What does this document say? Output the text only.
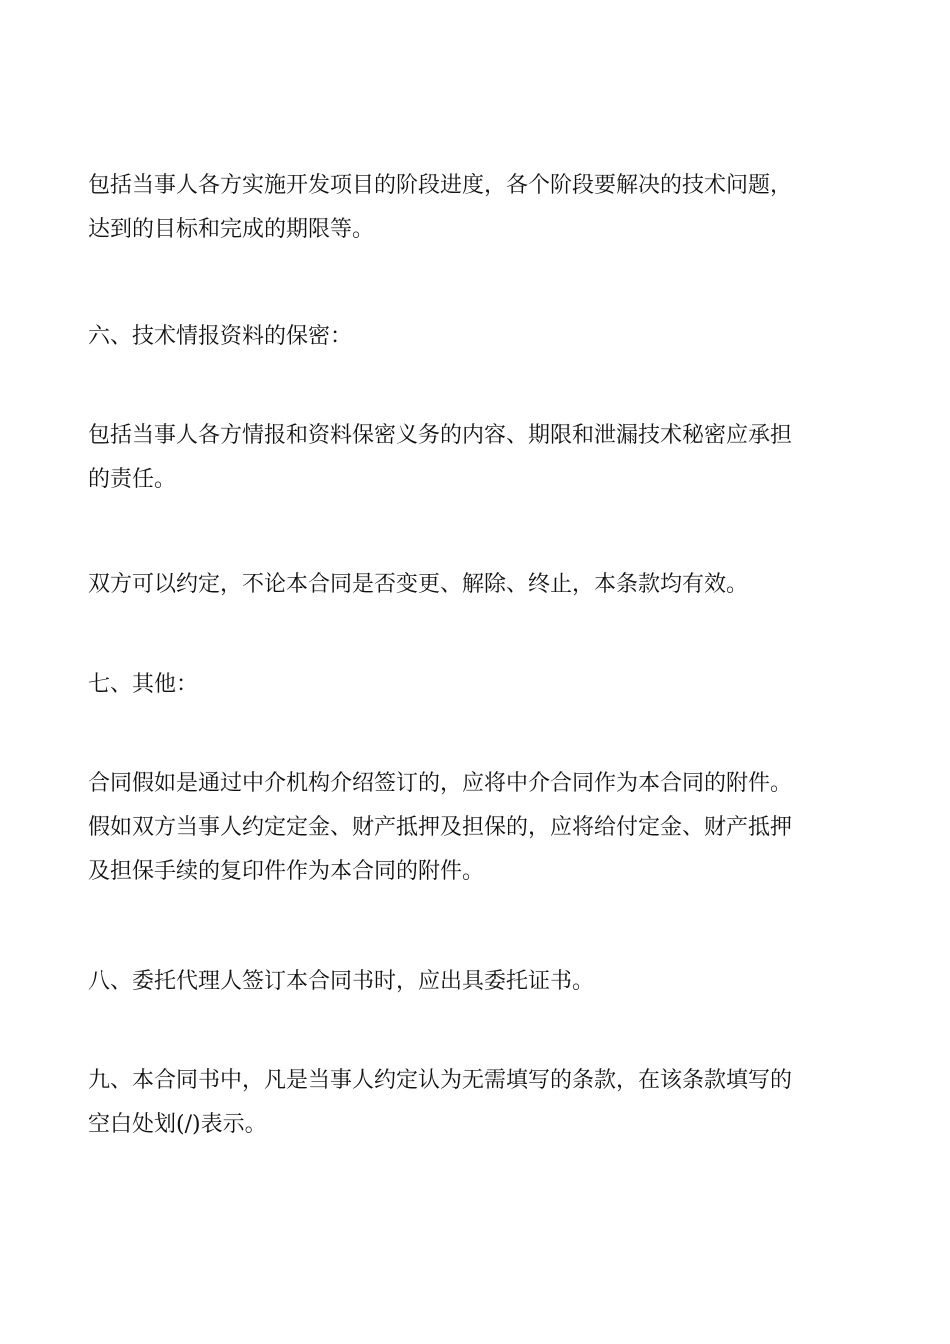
包括当事人各方实施开发项目的阶段进度，各个阶段要解决的技术问题，
达到的目标和完成的期限等。
六、技术情报资料的保密：
包括当事人各方情报和资料保密义务的内容、期限和泄漏技术秘密应承担
的责任。
双方可以约定，不论本合同是否变更、解除、终止，本条款均有效。
七、其他：
合同假如是通过中介机构介绍签订的，应将中介合同作为本合同的附件。
假如双方当事人约定定金、财产抵押及担保的，应将给付定金、财产抵押
及担保手续的复印件作为本合同的附件。
八、委托代理人签订本合同书时，应出具委托证书。
九、本合同书中，凡是当事人约定认为无需填写的条款，在该条款填写的
空白处划(/)表示。
